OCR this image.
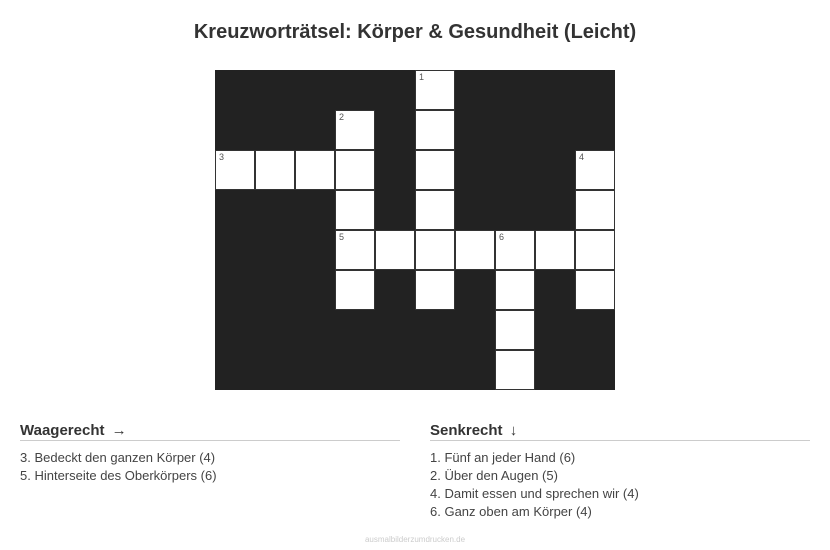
Kreuzworträtsel: Körper & Gesundheit (Leicht)
1
2
3	4
5	6
Waagerecht →
3. Bedeckt den ganzen Körper (4)
5. Hinterseite des Oberkörpers (6)
Senkrecht ↓
1. Fünf an jeder Hand (6)
2. Über den Augen (5)
4. Damit essen und sprechen wir (4)
6. Ganz oben am Körper (4)
ausmalbilderzumdrucken.de
